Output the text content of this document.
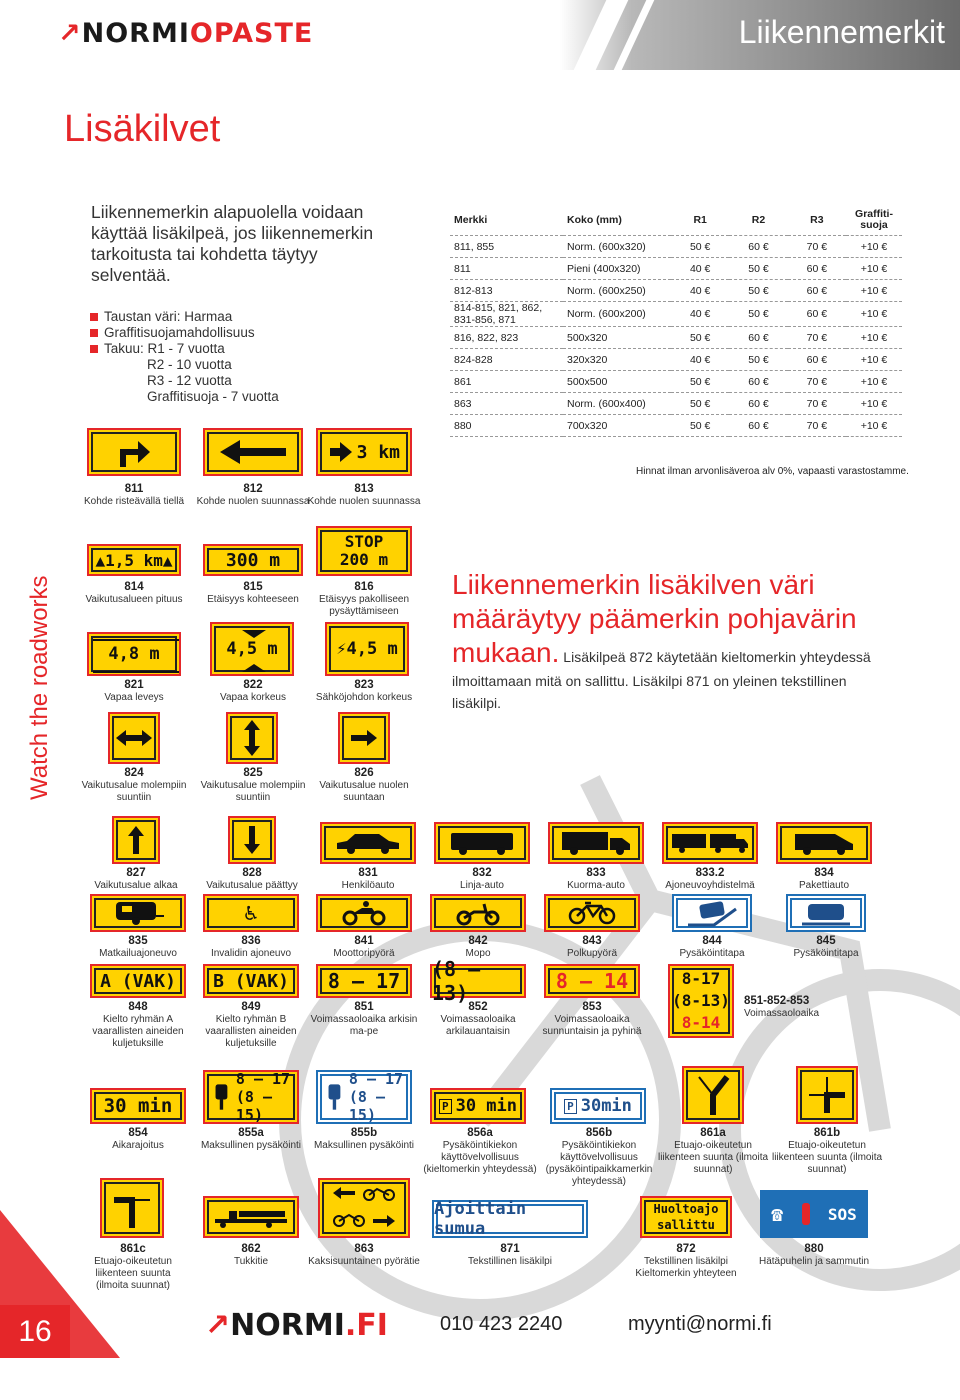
↗NORMIOPASTE	Liikennemerkit
Lisäkilvet
Liikennemerkin alapuolella voidaan käyttää lisäkilpeä, jos liikennemerkin tarkoitusta tai kohdetta täytyy selventää.
Taustan väri: Harmaa
Graffitisuojamahdollisuus
Takuu: R1 - 7 vuotta
R2 - 10 vuotta
R3 - 12 vuotta
Graffitisuoja - 7 vuotta
Watch the roadworks
Merkki	Koko (mm)	R1	R2	R3	Graffiti-suoja
811, 855	Norm. (600x320)	50 €	60 €	70 €	+10 €
811	Pieni (400x320)	40 €	50 €	60 €	+10 €
812-813	Norm. (600x250)	40 €	50 €	60 €	+10 €
814-815, 821, 862, 831-856, 871	Norm. (600x200)	40 €	50 €	60 €	+10 €
816, 822, 823	500x320	50 €	60 €	70 €	+10 €
824-828	320x320	40 €	50 €	60 €	+10 €
861	500x500	50 €	60 €	70 €	+10 €
863	Norm. (600x400)	50 €	60 €	70 €	+10 €
880	700x320	50 €	60 €	70 €	+10 €
Hinnat ilman arvonlisäveroa alv 0%, vapaasti varastostamme.
Liikennemerkin lisäkilven väri määräytyy päämerkin pohjavärin mukaan. Lisäkilpeä 872 käytetään kieltomerkin yhteydessä ilmoittamaan mitä on sallittu. Lisäkilpi 871 on yleinen tekstillinen lisäkilpi.
811
Kohde risteävällä tiellä
812
Kohde nuolen suunnassa
3 km
813
Kohde nuolen suunnassa
▲ 1,5 km ▲
814
Vaikutusalueen pituus
300 m
815
Etäisyys kohteeseen
STOP
200 m
816
Etäisyys pakolliseen pysäyttämiseen
4,8 m
821
Vapaa leveys
4,5 m
822
Vapaa korkeus
⚡ 4,5 m
823
Sähköjohdon korkeus
824
Vaikutusalue molempiin suuntiin
825
Vaikutusalue molempiin suuntiin
826
Vaikutusalue nuolen suuntaan
827
Vaikutusalue alkaa
828
Vaikutusalue päättyy
831
Henkilöauto
832
Linja-auto
833
Kuorma-auto
833.2
Ajoneuvoyhdistelmä
834
Pakettiauto
835
Matkailuajoneuvo
♿
836
Invalidin ajoneuvo
841
Moottoripyörä
842
Mopo
843
Polkupyörä
844
Pysäköintitapa
845
Pysäköintitapa
A (VAK)
848
Kielto ryhmän A vaarallisten aineiden kuljetuksille
B (VAK)
849
Kielto ryhmän B vaarallisten aineiden kuljetuksille
8 – 17
851
Voimassaoloaika arkisin ma-pe
(8 – 13)
852
Voimassaoloaika arkilauantaisin
8 – 14
853
Voimassaoloaika sunnuntaisin ja pyhinä
8-17
(8-13)
8-14
851-852-853
Voimassaoloaika
30 min
854
Aikarajoitus
8 – 17
(8 – 15)
855a
Maksullinen pysäköinti
8 – 17
(8 – 15)
855b
Maksullinen pysäköinti
P 30 min
856a
Pysäköintikiekon käyttövelvollisuus (kieltomerkin yhteydessä)
P 30min
856b
Pysäköintikiekon käyttövelvollisuus (pysäköintipaikkamerkin yhteydessä)
861a
Etuajo-oikeutetun liikenteen suunta (ilmoita suunnat)
861b
Etuajo-oikeutetun liikenteen suunta (ilmoita suunnat)
861c
Etuajo-oikeutetun liikenteen suunta (ilmoita suunnat)
862
Tukkitie
863
Kaksisuuntainen pyörätie
Ajoittain sumua
871
Tekstillinen lisäkilpi
Huoltoajo
sallittu
872
Tekstillinen lisäkilpi Kieltomerkin yhteyteen
☎	SOS
880
Hätäpuhelin ja sammutin
16	↗NORMI.FI	010 423 2240	myynti@normi.fi
